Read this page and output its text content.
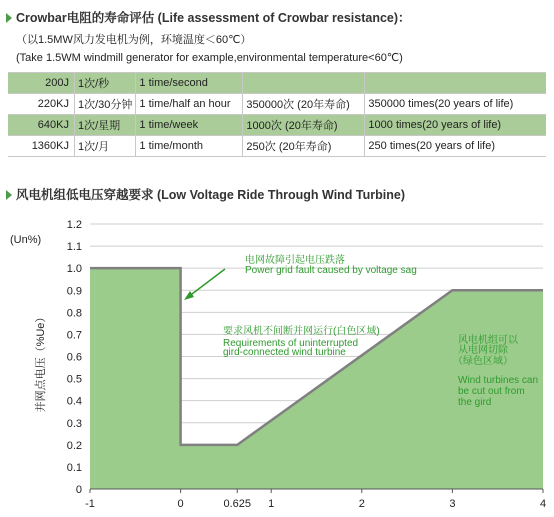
Crowbar电阻的寿命评估 (Life assessment of Crowbar resistance)：
（以1.5MW风力发电机为例，环境温度＜60℃）
(Take 1.5WM windmill generator for example,environmental temperature<60℃)
200J	1次/秒	1 time/second		
220KJ	1次/30分钟	1 time/half an hour	350000次 (20年寿命)	350000 times(20 years of life)
640KJ	1次/星期	1 time/week	1000次 (20年寿命)	1000 times(20 years of life)
1360KJ	1次/月	1 time/month	250次 (20年寿命)	250 times(20 years of life)
风电机组低电压穿越要求 (Low Voltage Ride Through Wind Turbine)
0
0.1
0.2
0.3
0.4
0.5
0.6
0.7
0.8
0.9
1.0
1.1
1.2
-1	0	0.625 1	2	3	4
(Un%)
并网点电压（%Ue）
电网故障引起电压跌落
Power grid fault caused by voltage sag
要求风机不间断并网运行(白色区域)
Requirements of uninterrupted
gird-connected wind turbine
风电机组可以
从电网切除
（绿色区域）
Wind turbines can
be cut out from
the gird
